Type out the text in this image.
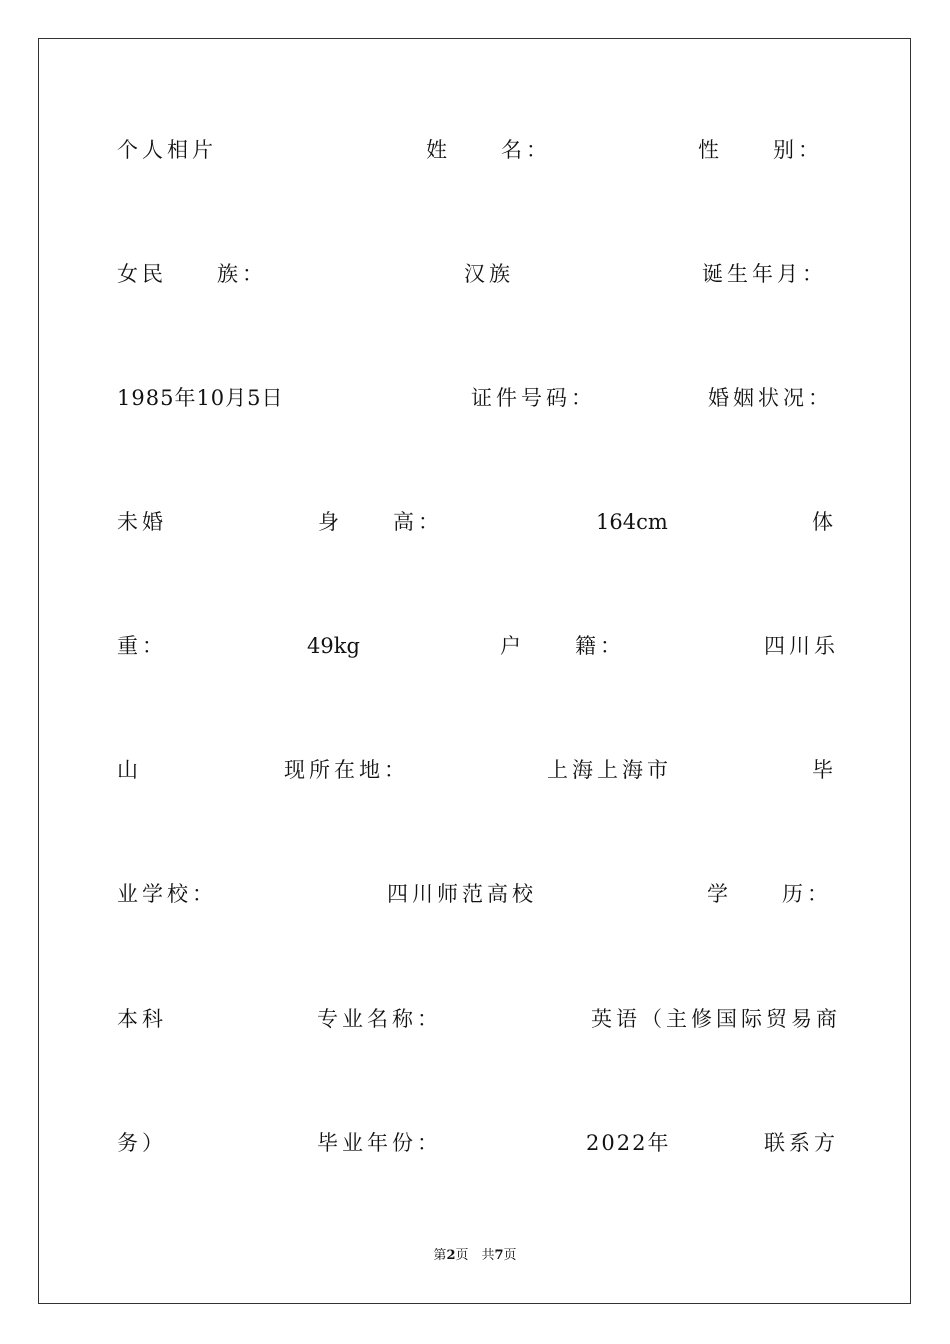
个人相片	姓　　名：	性　　别：
女民　　族：	汉族	诞生年月：
1985年10月5日	证件号码：	婚姻状况：
未婚	身　　高：	164cm	体
重：	49kg	户　　籍：	四川乐
山	现所在地：	上海上海市	毕
业学校：	四川师范高校	学　　历：
本科	专业名称：	英语（主修国际贸易商
务）	毕业年份：	2022年	联系方
第2页　共7页
